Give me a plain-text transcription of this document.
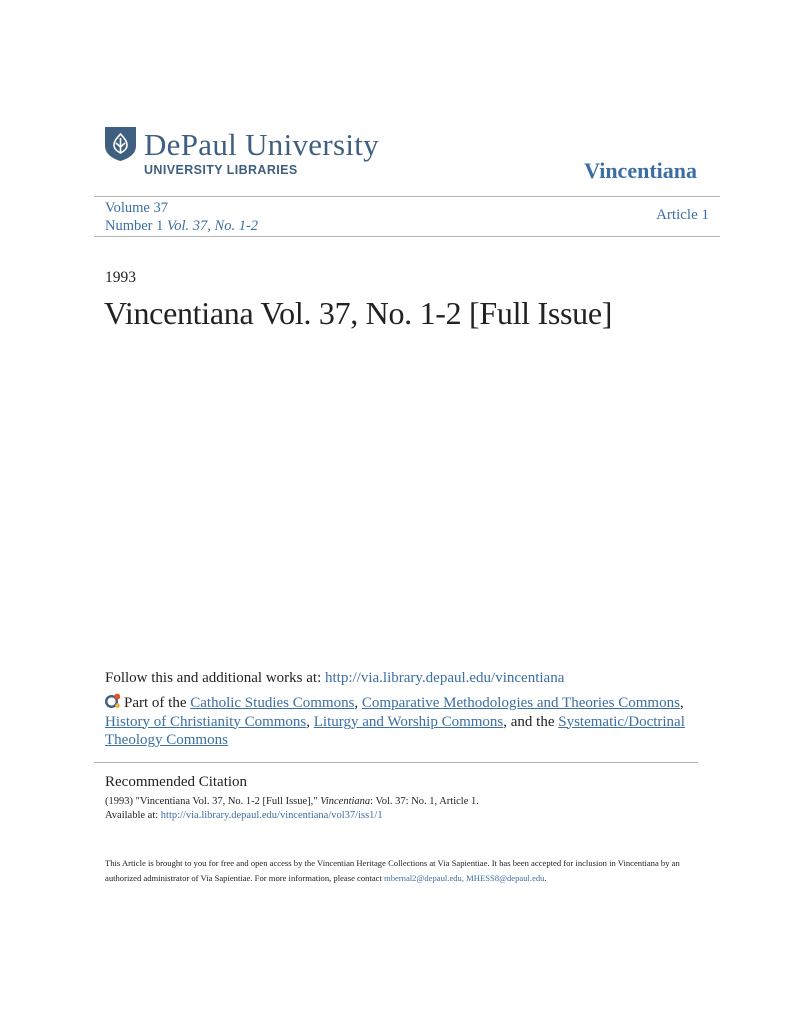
DePaul University
UNIVERSITY LIBRARIES	Vincentiana
Volume 37
Number 1 Vol. 37, No. 1-2
Article 1
1993
Vincentiana Vol. 37, No. 1-2 [Full Issue]
Follow this and additional works at: http://via.library.depaul.edu/vincentiana
Part of the Catholic Studies Commons, Comparative Methodologies and Theories Commons, History of Christianity Commons, Liturgy and Worship Commons, and the Systematic/Doctrinal Theology Commons
Recommended Citation
(1993) "Vincentiana Vol. 37, No. 1-2 [Full Issue]," Vincentiana: Vol. 37: No. 1, Article 1.
Available at: http://via.library.depaul.edu/vincentiana/vol37/iss1/1
This Article is brought to you for free and open access by the Vincentian Heritage Collections at Via Sapientiae. It has been accepted for inclusion in Vincentiana by an authorized administrator of Via Sapientiae. For more information, please contact mbernal2@depaul.edu, MHESS8@depaul.edu.
